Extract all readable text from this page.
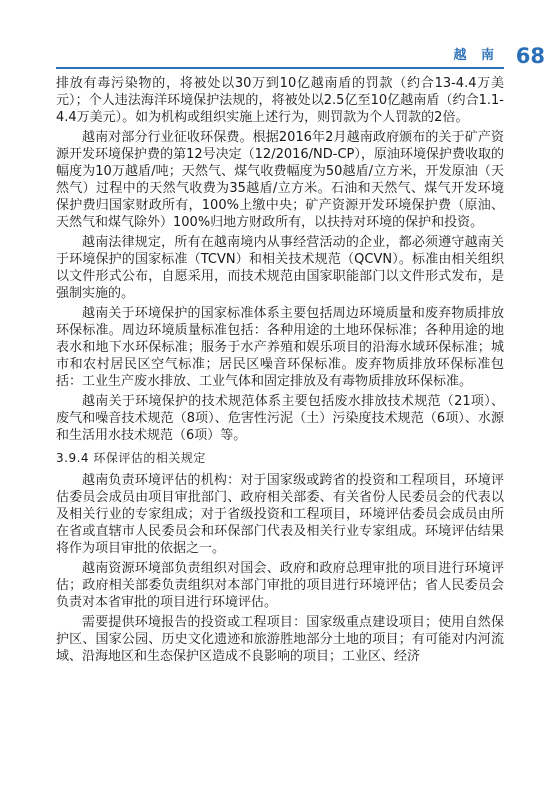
越 南 68

排放有毒污染物的，将被处以30万到10亿越南盾的罚款（约合13-4.4万美元）；个人违法海洋环境保护法规的，将被处以2.5亿至10亿越南盾（约合1.1-4.4万美元）。如为机构或组织实施上述行为，则罚款为个人罚款的2倍。

越南对部分行业征收环保费。根据2016年2月越南政府颁布的关于矿产资源开发环境保护费的第12号决定（12/2016/ND-CP），原油环境保护费收取的幅度为10万越盾/吨；天然气、煤气收费幅度为50越盾/立方米，开发原油（天然气）过程中的天然气收费为35越盾/立方米。石油和天然气、煤气开发环境保护费归国家财政所有，100%上缴中央；矿产资源开发环境保护费（原油、天然气和煤气除外）100%归地方财政所有，以扶持对环境的保护和投资。

越南法律规定，所有在越南境内从事经营活动的企业，都必须遵守越南关于环境保护的国家标准（TCVN）和相关技术规范（QCVN）。标准由相关组织以文件形式公布，自愿采用，而技术规范由国家职能部门以文件形式发布，是强制实施的。

越南关于环境保护的国家标准体系主要包括周边环境质量和废弃物质排放环保标准。周边环境质量标准包括：各种用途的土地环保标准；各种用途的地表水和地下水环保标准；服务于水产养殖和娱乐项目的沿海水域环保标准；城市和农村居民区空气标准；居民区噪音环保标准。废弃物质排放环保标准包括：工业生产废水排放、工业气体和固定排放及有毒物质排放环保标准。

越南关于环境保护的技术规范体系主要包括废水排放技术规范（21项）、废气和噪音技术规范（8项）、危害性污泥（土）污染度技术规范（6项）、水源和生活用水技术规范（6项）等。

3.9.4 环保评估的相关规定

越南负责环境评估的机构：对于国家级或跨省的投资和工程项目，环境评估委员会成员由项目审批部门、政府相关部委、有关省份人民委员会的代表以及相关行业的专家组成；对于省级投资和工程项目，环境评估委员会成员由所在省或直辖市人民委员会和环保部门代表及相关行业专家组成。环境评估结果将作为项目审批的依据之一。

越南资源环境部负责组织对国会、政府和政府总理审批的项目进行环境评估；政府相关部委负责组织对本部门审批的项目进行环境评估；省人民委员会负责对本省审批的项目进行环境评估。

需要提供环境报告的投资或工程项目：国家级重点建设项目；使用自然保护区、国家公园、历史文化遗迹和旅游胜地部分土地的项目；有可能对内河流域、沿海地区和生态保护区造成不良影响的项目；工业区、经济
